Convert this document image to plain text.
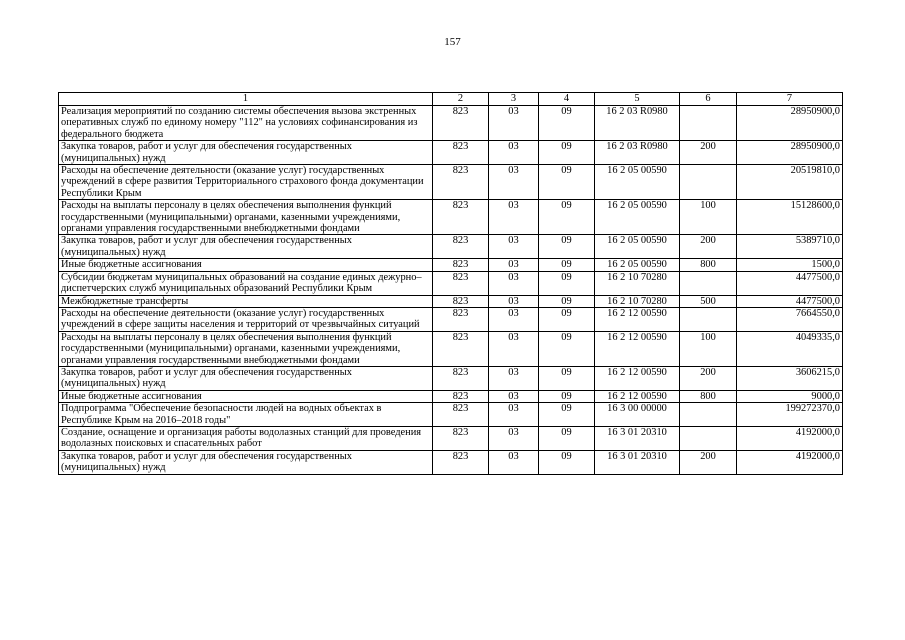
157
1	2	3	4	5	6	7
Реализация мероприятий по созданию системы обеспечения вызова экстренных оперативных служб по единому номеру "112" на условиях софинансирования из федерального бюджета	823	03	09	16 2 03 R0980		28950900,0
Закупка товаров, работ и услуг для обеспечения государственных (муниципальных) нужд	823	03	09	16 2 03 R0980	200	28950900,0
Расходы на обеспечение деятельности (оказание услуг) государственных учреждений в сфере развития Территориального страхового фонда документации Республики Крым	823	03	09	16 2 05 00590		20519810,0
Расходы на выплаты персоналу в целях обеспечения выполнения функций государственными (муниципальными) органами, казенными учреждениями, органами управления государственными внебюджетными фондами	823	03	09	16 2 05 00590	100	15128600,0
Закупка товаров, работ и услуг для обеспечения государственных (муниципальных) нужд	823	03	09	16 2 05 00590	200	5389710,0
Иные бюджетные ассигнования	823	03	09	16 2 05 00590	800	1500,0
Субсидии бюджетам муниципальных образований на создание единых дежурно–диспетчерских служб муниципальных образований Республики Крым	823	03	09	16 2 10 70280		4477500,0
Межбюджетные трансферты	823	03	09	16 2 10 70280	500	4477500,0
Расходы на обеспечение деятельности (оказание услуг) государственных учреждений в сфере защиты населения и территорий от чрезвычайных ситуаций	823	03	09	16 2 12 00590		7664550,0
Расходы на выплаты персоналу в целях обеспечения выполнения функций государственными (муниципальными) органами, казенными учреждениями, органами управления государственными внебюджетными фондами	823	03	09	16 2 12 00590	100	4049335,0
Закупка товаров, работ и услуг для обеспечения государственных (муниципальных) нужд	823	03	09	16 2 12 00590	200	3606215,0
Иные бюджетные ассигнования	823	03	09	16 2 12 00590	800	9000,0
Подпрограмма "Обеспечение безопасности людей на водных объектах в Республике Крым на 2016–2018 годы"	823	03	09	16 3 00 00000		199272370,0
Создание, оснащение и организация работы водолазных станций для проведения водолазных поисковых и спасательных работ	823	03	09	16 3 01 20310		4192000,0
Закупка товаров, работ и услуг для обеспечения государственных (муниципальных) нужд	823	03	09	16 3 01 20310	200	4192000,0
